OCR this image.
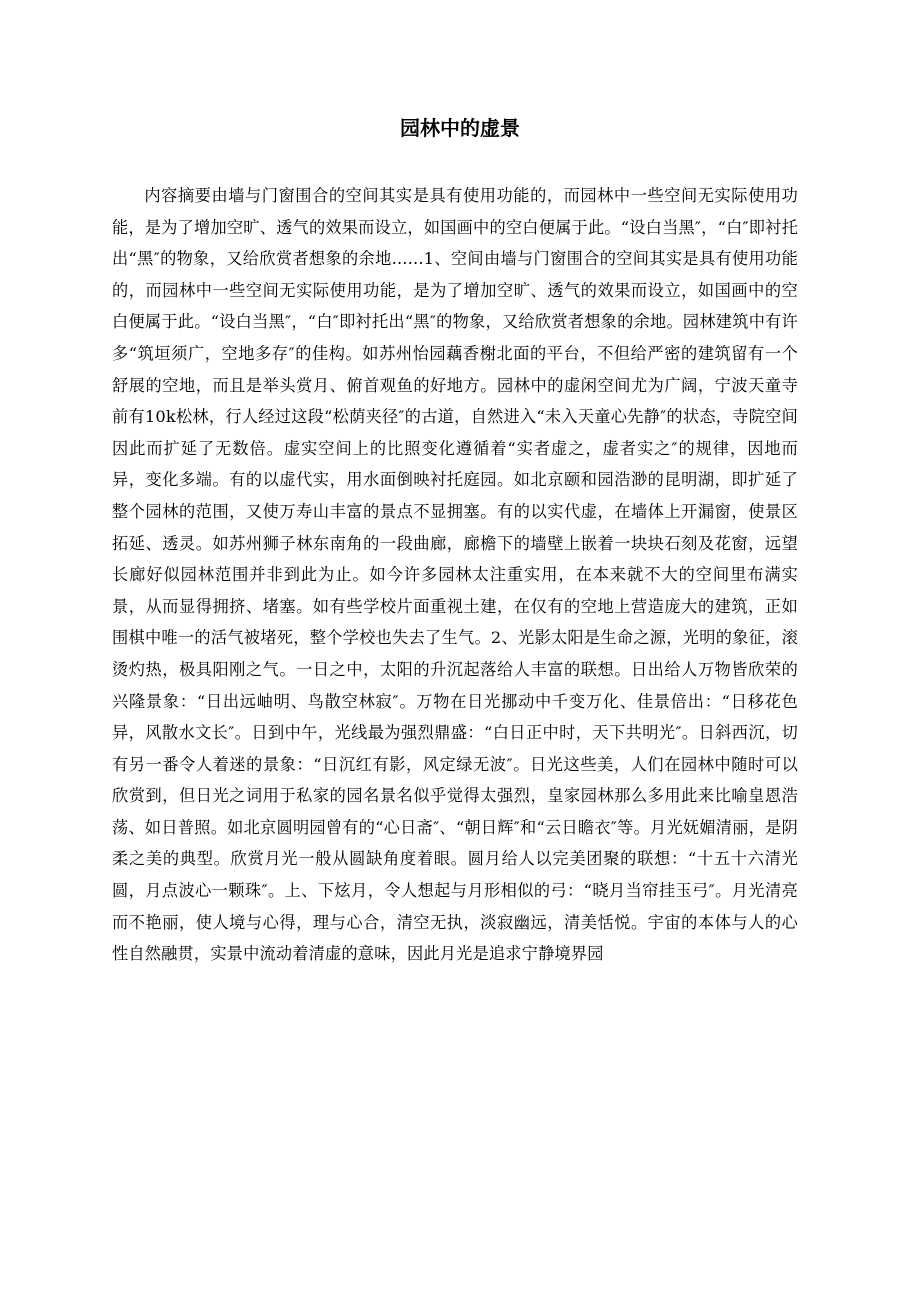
园林中的虚景

内容摘要由墙与门窗围合的空间其实是具有使用功能的，而园林中一些空间无实际使用功能，是为了增加空旷、透气的效果而设立，如国画中的空白便属于此。“设白当黑″，“白″即衬托出“黑″的物象，又给欣赏者想象的余地......1、空间由墙与门窗围合的空间其实是具有使用功能的，而园林中一些空间无实际使用功能，是为了增加空旷、透气的效果而设立，如国画中的空白便属于此。“设白当黑″，“白″即衬托出“黑″的物象，又给欣赏者想象的余地。园林建筑中有许多“筑垣须广，空地多存″的佳构。如苏州怡园藕香榭北面的平台，不但给严密的建筑留有一个舒展的空地，而且是举头赏月、俯首观鱼的好地方。园林中的虚闲空间尤为广阔，宁波天童寺前有10k松林，行人经过这段“松荫夹径″的古道，自然进入“未入天童心先静″的状态，寺院空间因此而扩延了无数倍。虚实空间上的比照变化遵循着“实者虚之，虚者实之″的规律，因地而异，变化多端。有的以虚代实，用水面倒映衬托庭园。如北京颐和园浩渺的昆明湖，即扩延了整个园林的范围，又使万寿山丰富的景点不显拥塞。有的以实代虚，在墙体上开漏窗，使景区拓延、透灵。如苏州狮子林东南角的一段曲廊，廊檐下的墙壁上嵌着一块块石刻及花窗，远望长廊好似园林范围并非到此为止。如今许多园林太注重实用，在本来就不大的空间里布满实景，从而显得拥挤、堵塞。如有些学校片面重视土建，在仅有的空地上营造庞大的建筑，正如围棋中唯一的活气被堵死，整个学校也失去了生气。2、光影太阳是生命之源，光明的象征，滚烫灼热，极具阳刚之气。一日之中，太阳的升沉起落给人丰富的联想。日出给人万物皆欣荣的兴隆景象：“日出远岫明、鸟散空林寂″。万物在日光挪动中千变万化、佳景倍出：“日移花色异，风散水文长″。日到中午，光线最为强烈鼎盛：“白日正中时，天下共明光″。日斜西沉，切有另一番令人着迷的景象：“日沉红有影，风定绿无波″。日光这些美，人们在园林中随时可以欣赏到，但日光之词用于私家的园名景名似乎觉得太强烈，皇家园林那么多用此来比喻皇恩浩荡、如日普照。如北京圆明园曾有的“心日斋″、“朝日辉″和“云日瞻衣″等。月光妩媚清丽，是阴柔之美的典型。欣赏月光一般从圆缺角度着眼。圆月给人以完美团聚的联想：“十五十六清光圆，月点波心一颗珠″。上、下炫月，令人想起与月形相似的弓：“晓月当帘挂玉弓″。月光清亮而不艳丽，使人境与心得，理与心合，清空无执，淡寂幽远，清美恬悦。宇宙的本体与人的心性自然融贯，实景中流动着清虚的意味，因此月光是追求宁静境界园
